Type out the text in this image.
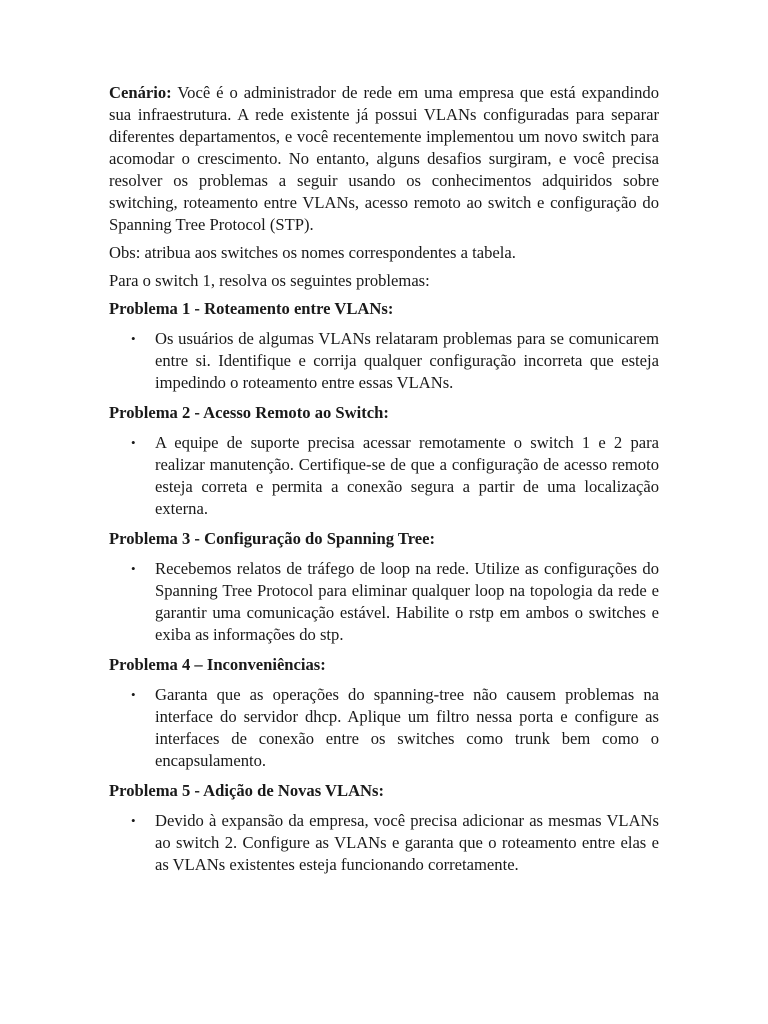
Cenário: Você é o administrador de rede em uma empresa que está expandindo sua infraestrutura. A rede existente já possui VLANs configuradas para separar diferentes departamentos, e você recentemente implementou um novo switch para acomodar o crescimento. No entanto, alguns desafios surgiram, e você precisa resolver os problemas a seguir usando os conhecimentos adquiridos sobre switching, roteamento entre VLANs, acesso remoto ao switch e configuração do Spanning Tree Protocol (STP).

Obs: atribua aos switches os nomes correspondentes a tabela.

Para o switch 1, resolva os seguintes problemas:

Problema 1 - Roteamento entre VLANs:

• Os usuários de algumas VLANs relataram problemas para se comunicarem entre si. Identifique e corrija qualquer configuração incorreta que esteja impedindo o roteamento entre essas VLANs.

Problema 2 - Acesso Remoto ao Switch:

• A equipe de suporte precisa acessar remotamente o switch 1 e 2 para realizar manutenção. Certifique-se de que a configuração de acesso remoto esteja correta e permita a conexão segura a partir de uma localização externa.

Problema 3 - Configuração do Spanning Tree:

• Recebemos relatos de tráfego de loop na rede. Utilize as configurações do Spanning Tree Protocol para eliminar qualquer loop na topologia da rede e garantir uma comunicação estável. Habilite o rstp em ambos o switches e exiba as informações do stp.

Problema 4 – Inconveniências:

• Garanta que as operações do spanning-tree não causem problemas na interface do servidor dhcp. Aplique um filtro nessa porta e configure as interfaces de conexão entre os switches como trunk bem como o encapsulamento.

Problema 5 - Adição de Novas VLANs:

• Devido à expansão da empresa, você precisa adicionar as mesmas VLANs ao switch 2. Configure as VLANs e garanta que o roteamento entre elas e as VLANs existentes esteja funcionando corretamente.
